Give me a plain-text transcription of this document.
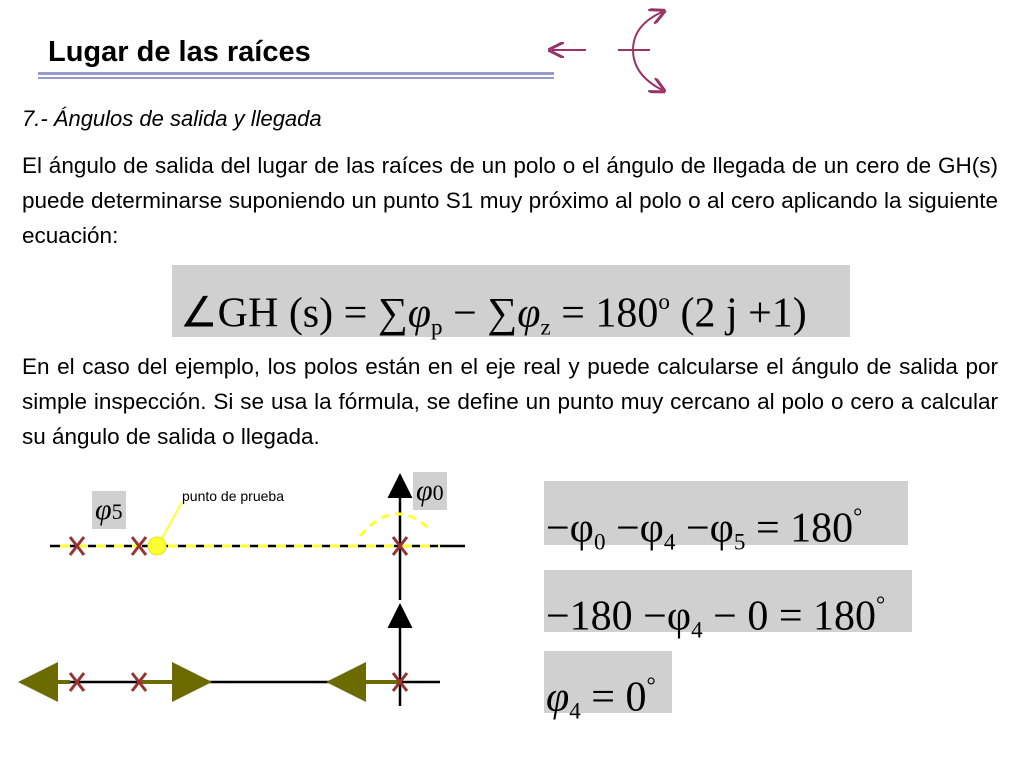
Lugar de las raíces
7.- Ángulos de salida y llegada
El ángulo de salida del lugar de las raíces de un polo o el ángulo de llegada de un cero de GH(s) puede determinarse suponiendo un punto S1 muy próximo al polo o al cero aplicando la siguiente ecuación:
∠GH $(s) = \sum\varphi_p - \sum\varphi_z = 180^o$ (2 j +1)
En el caso del ejemplo, los polos están en el eje real y puede calcularse el ángulo de salida por simple inspección. Si se usa la fórmula, se define un punto muy cercano al polo o cero a calcular su ángulo de salida o llegada.
φ5
φ0
punto de prueba
$-\varphi_0 -\varphi_4 -\varphi_5 = 180^\circ$
$-180 -\varphi_4 - 0 = 180^\circ$
$\varphi_4 = 0^\circ$
